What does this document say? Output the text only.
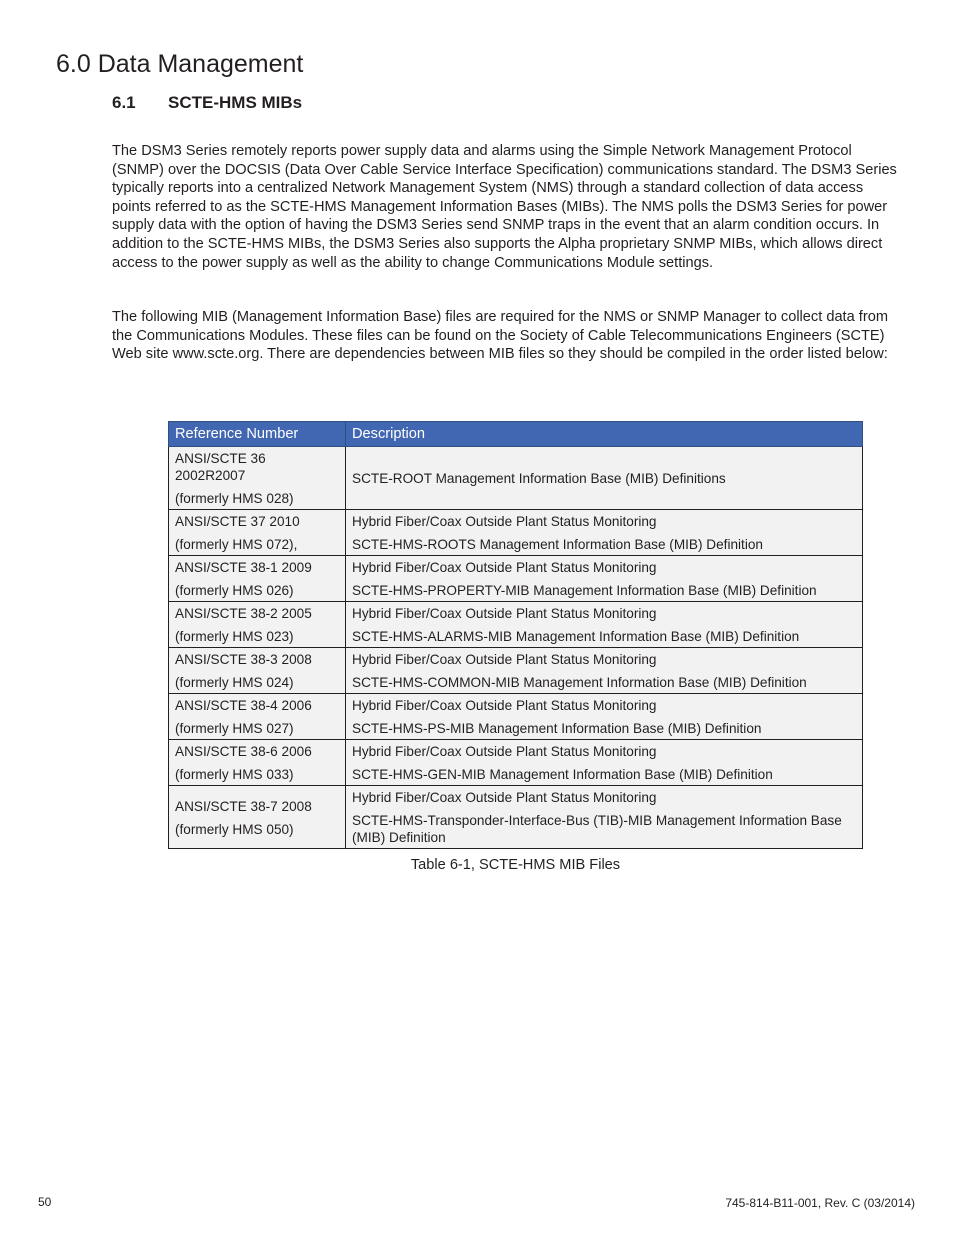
6.0 Data Management
6.1 SCTE-HMS MIBs

The DSM3 Series remotely reports power supply data and alarms using the Simple Network Management Protocol (SNMP) over the DOCSIS (Data Over Cable Service Interface Specification) communications standard. The DSM3 Series typically reports into a centralized Network Management System (NMS) through a standard collection of data access points referred to as the SCTE-HMS Management Information Bases (MIBs). The NMS polls the DSM3 Series for power supply data with the option of having the DSM3 Series send SNMP traps in the event that an alarm condition occurs. In addition to the SCTE-HMS MIBs, the DSM3 Series also supports the Alpha proprietary SNMP MIBs, which allows direct access to the power supply as well as the ability to change Communications Module settings.

The following MIB (Management Information Base) files are required for the NMS or SNMP Manager to collect data from the Communications Modules. These files can be found on the Society of Cable Telecommunications Engineers (SCTE) Web site www.scte.org. There are dependencies between MIB files so they should be compiled in the order listed below:

Reference Number	Description

ANSI/SCTE 36
2002R2007
(formerly HMS 028)	SCTE-ROOT Management Information Base (MIB) Definitions

ANSI/SCTE 37 2010
(formerly HMS 072),	Hybrid Fiber/Coax Outside Plant Status Monitoring
SCTE-HMS-ROOTS Management Information Base (MIB) Definition

ANSI/SCTE 38-1 2009
(formerly HMS 026)	Hybrid Fiber/Coax Outside Plant Status Monitoring
SCTE-HMS-PROPERTY-MIB Management Information Base (MIB) Definition

ANSI/SCTE 38-2 2005
(formerly HMS 023)	Hybrid Fiber/Coax Outside Plant Status Monitoring
SCTE-HMS-ALARMS-MIB Management Information Base (MIB) Definition

ANSI/SCTE 38-3 2008
(formerly HMS 024)	Hybrid Fiber/Coax Outside Plant Status Monitoring
SCTE-HMS-COMMON-MIB Management Information Base (MIB) Definition

ANSI/SCTE 38-4 2006
(formerly HMS 027)	Hybrid Fiber/Coax Outside Plant Status Monitoring
SCTE-HMS-PS-MIB Management Information Base (MIB) Definition

ANSI/SCTE 38-6 2006
(formerly HMS 033)	Hybrid Fiber/Coax Outside Plant Status Monitoring
SCTE-HMS-GEN-MIB Management Information Base (MIB) Definition

ANSI/SCTE 38-7 2008
(formerly HMS 050)	Hybrid Fiber/Coax Outside Plant Status Monitoring
SCTE-HMS-Transponder-Interface-Bus (TIB)-MIB Management Information Base (MIB) Definition

Table 6-1, SCTE-HMS MIB Files

50	745-814-B11-001, Rev. C (03/2014)
